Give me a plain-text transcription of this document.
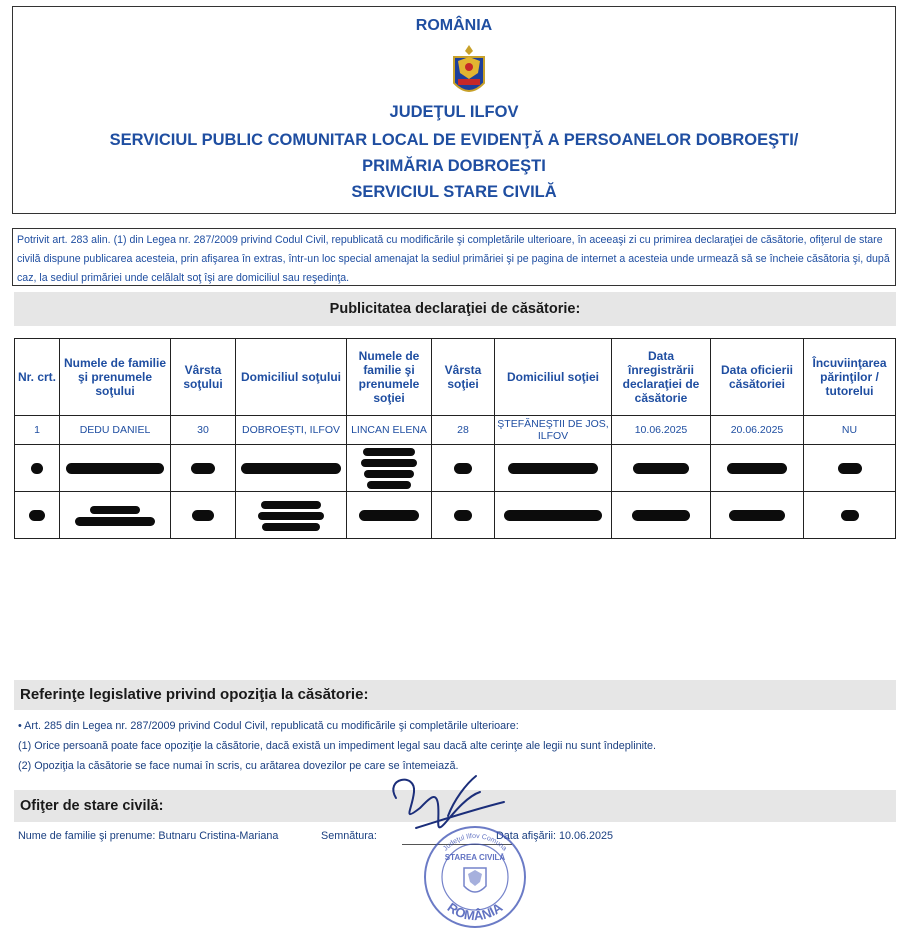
ROMÂNIA
JUDEŢUL ILFOV
SERVICIUL PUBLIC COMUNITAR LOCAL DE EVIDENŢĂ A PERSOANELOR DOBROEŞTI/
PRIMĂRIA DOBROEŞTI
SERVICIUL STARE CIVILĂ
Potrivit art. 283 alin. (1) din Legea nr. 287/2009 privind Codul Civil, republicată cu modificările şi completările ulterioare, în aceeaşi zi cu primirea declaraţiei de căsătorie, ofiţerul de stare civilă dispune publicarea acesteia, prin afişarea în extras, într-un loc special amenajat la sediul primăriei şi pe pagina de internet a acesteia unde urmează să se încheie căsătoria şi, după caz, la sediul primăriei unde celălalt soţ îşi are domiciliul sau reşedinţa.
Publicitatea declaraţiei de căsătorie:
Nr. crt.	Numele de familie şi prenumele soţului	Vârsta soţului	Domiciliul soţului	Numele de familie şi prenumele soţiei	Vârsta soţiei	Domiciliul soţiei	Data înregistrării declaraţiei de căsătorie	Data oficierii căsătoriei	Încuviinţarea părinţilor / tutorelui
1	DEDU DANIEL	30	DOBROEŞTI, ILFOV	LINCAN ELENA	28	ŞTEFĂNEŞTII DE JOS, ILFOV	10.06.2025	20.06.2025	NU

Referinţe legislative privind opoziţia la căsătorie:
• Art. 285 din Legea nr. 287/2009 privind Codul Civil, republicată cu modificările şi completările ulterioare:
(1) Orice persoană poate face opoziţie la căsătorie, dacă există un impediment legal sau dacă alte cerinţe ale legii nu sunt îndeplinite.
(2) Opoziţia la căsătorie se face numai în scris, cu arătarea dovezilor pe care se întemeiază.
Ofiţer de stare civilă:
Nume de familie şi prenume: Butnaru Cristina-Mariana	Semnătura:	Data afişării: 10.06.2025
ROMÂNIA
Judeţul Ilfov Comuna
STAREA CIVILĂ
